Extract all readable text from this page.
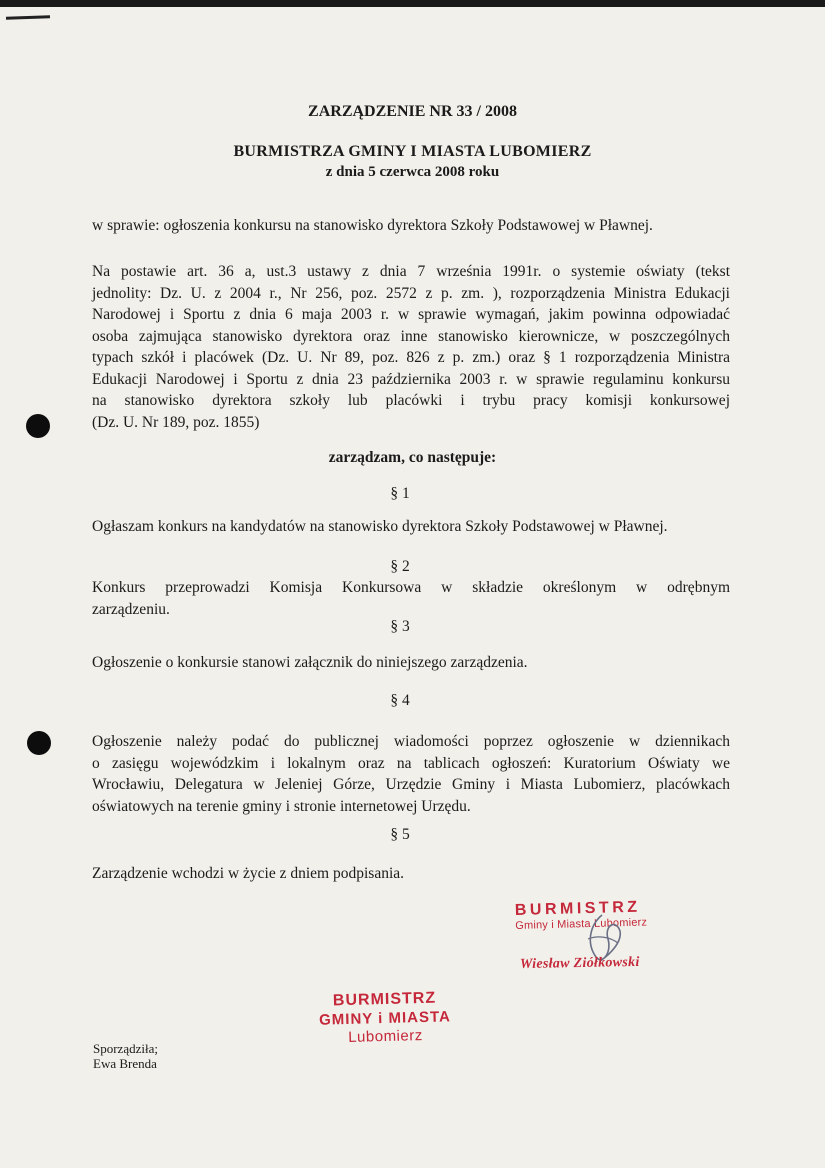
ZARZĄDZENIE NR 33 / 2008
BURMISTRZA GMINY I MIASTA LUBOMIERZ
z dnia 5 czerwca 2008 roku
w sprawie: ogłoszenia konkursu na stanowisko dyrektora Szkoły Podstawowej w Pławnej.
Na postawie art. 36 a, ust.3 ustawy z dnia 7 września 1991r. o systemie oświaty (tekst
jednolity: Dz. U. z 2004 r., Nr 256, poz. 2572 z p. zm. ), rozporządzenia Ministra Edukacji
Narodowej i Sportu z dnia 6 maja 2003 r. w sprawie wymagań, jakim powinna odpowiadać
osoba zajmująca stanowisko dyrektora oraz inne stanowisko kierownicze, w poszczególnych
typach szkół i placówek (Dz. U. Nr 89, poz. 826 z p. zm.) oraz § 1 rozporządzenia Ministra
Edukacji Narodowej i Sportu z dnia 23 października 2003 r. w sprawie regulaminu konkursu
na stanowisko dyrektora szkoły lub placówki i trybu pracy komisji konkursowej
(Dz. U. Nr 189, poz. 1855)
zarządzam, co następuje:
§ 1
Ogłaszam konkurs na kandydatów na stanowisko dyrektora Szkoły Podstawowej w Pławnej.
§ 2
Konkurs przeprowadzi Komisja Konkursowa w składzie określonym w odrębnym
zarządzeniu.
§ 3
Ogłoszenie o konkursie stanowi załącznik do niniejszego zarządzenia.
§ 4
Ogłoszenie należy podać do publicznej wiadomości poprzez ogłoszenie w dziennikach
o zasięgu wojewódzkim i lokalnym oraz na tablicach ogłoszeń: Kuratorium Oświaty we
Wrocławiu, Delegatura w Jeleniej Górze, Urzędzie Gminy i Miasta Lubomierz, placówkach
oświatowych na terenie gminy i stronie internetowej Urzędu.
§ 5
Zarządzenie wchodzi w życie z dniem podpisania.
BURMISTRZ
Gminy i Miasta Lubomierz
Wiesław Ziółkowski
BURMISTRZ
GMINY i MIASTA
Lubomierz
Sporządziła;
Ewa Brenda
